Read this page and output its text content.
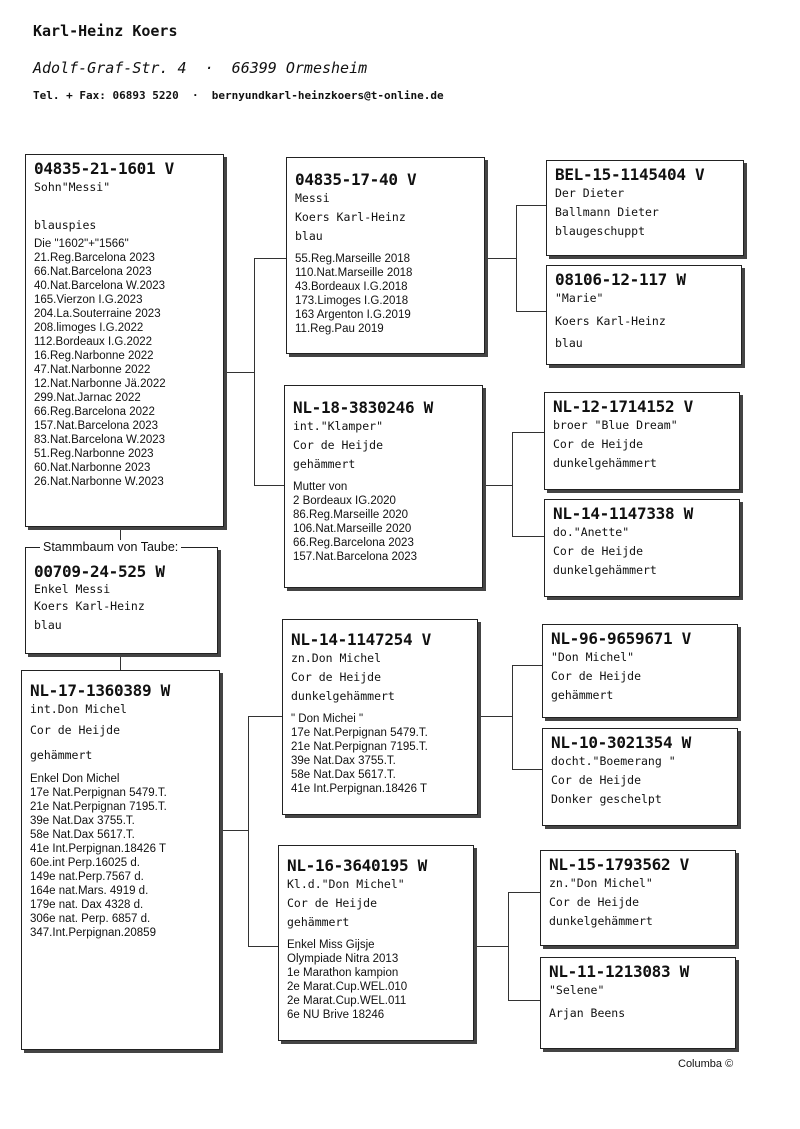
Karl-Heinz Koers
Adolf-Graf-Str. 4  ·  66399 Ormesheim
Tel. + Fax: 06893 5220  ·  bernyundkarl-heinzkoers@t-online.de
04835-21-1601 V
Sohn"Messi"

blauspies
Die "1602"+"1566"
21.Reg.Barcelona 2023
66.Nat.Barcelona 2023
40.Nat.Barcelona W.2023
165.Vierzon I.G.2023
204.La.Souterraine 2023
208.limoges I.G.2022
112.Bordeaux I.G.2022
16.Reg.Narbonne 2022
47.Nat.Narbonne 2022
12.Nat.Narbonne Jä.2022
299.Nat.Jarnac 2022
66.Reg.Barcelona 2022
157.Nat.Barcelona 2023
83.Nat.Barcelona W.2023
51.Reg.Narbonne 2023
60.Nat.Narbonne 2023
26.Nat.Narbonne W.2023
00709-24-525 W
Enkel Messi
Koers Karl-Heinz
blau
Stammbaum von Taube:
NL-17-1360389 W
int.Don Michel
Cor de Heijde
gehämmert
Enkel Don Michel
17e Nat.Perpignan 5479.T.
21e Nat.Perpignan 7195.T.
39e Nat.Dax 3755.T.
58e Nat.Dax 5617.T.
41e Int.Perpignan.18426 T
60e.int Perp.16025 d.
149e nat.Perp.7567 d.
164e nat.Mars. 4919 d.
179e nat. Dax 4328 d.
306e nat. Perp. 6857 d.
347.Int.Perpignan.20859
04835-17-40 V
Messi
Koers Karl-Heinz
blau
55.Reg.Marseille 2018
110.Nat.Marseille 2018
43.Bordeaux I.G.2018
173.Limoges I.G.2018
163 Argenton I.G.2019
11.Reg.Pau 2019
NL-18-3830246 W
int."Klamper"
Cor de Heijde
gehämmert
Mutter von
2 Bordeaux IG.2020
86.Reg.Marseille 2020
106.Nat.Marseille 2020
66.Reg.Barcelona 2023
157.Nat.Barcelona 2023
NL-14-1147254 V
zn.Don Michel
Cor de Heijde
dunkelgehämmert
" Don Michei "
17e Nat.Perpignan 5479.T.
21e Nat.Perpignan 7195.T.
39e Nat.Dax 3755.T.
58e Nat.Dax 5617.T.
41e Int.Perpignan.18426 T
NL-16-3640195 W
Kl.d."Don Michel"
Cor de Heijde
gehämmert
Enkel Miss Gijsje
Olympiade Nitra 2013
1e Marathon kampion
2e Marat.Cup.WEL.010
2e Marat.Cup.WEL.011
6e NU Brive 18246
BEL-15-1145404 V
Der Dieter
Ballmann Dieter
blaugeschuppt
08106-12-117 W
"Marie"
Koers Karl-Heinz
blau
NL-12-1714152 V
broer "Blue Dream"
Cor de Heijde
dunkelgehämmert
NL-14-1147338 W
do."Anette"
Cor de Heijde
dunkelgehämmert
NL-96-9659671 V
"Don Michel"
Cor de Heijde
gehämmert
NL-10-3021354 W
docht."Boemerang "
Cor de Heijde
Donker geschelpt
NL-15-1793562 V
zn."Don Michel"
Cor de Heijde
dunkelgehämmert
NL-11-1213083 W
"Selene"
Arjan Beens
Columba ©
